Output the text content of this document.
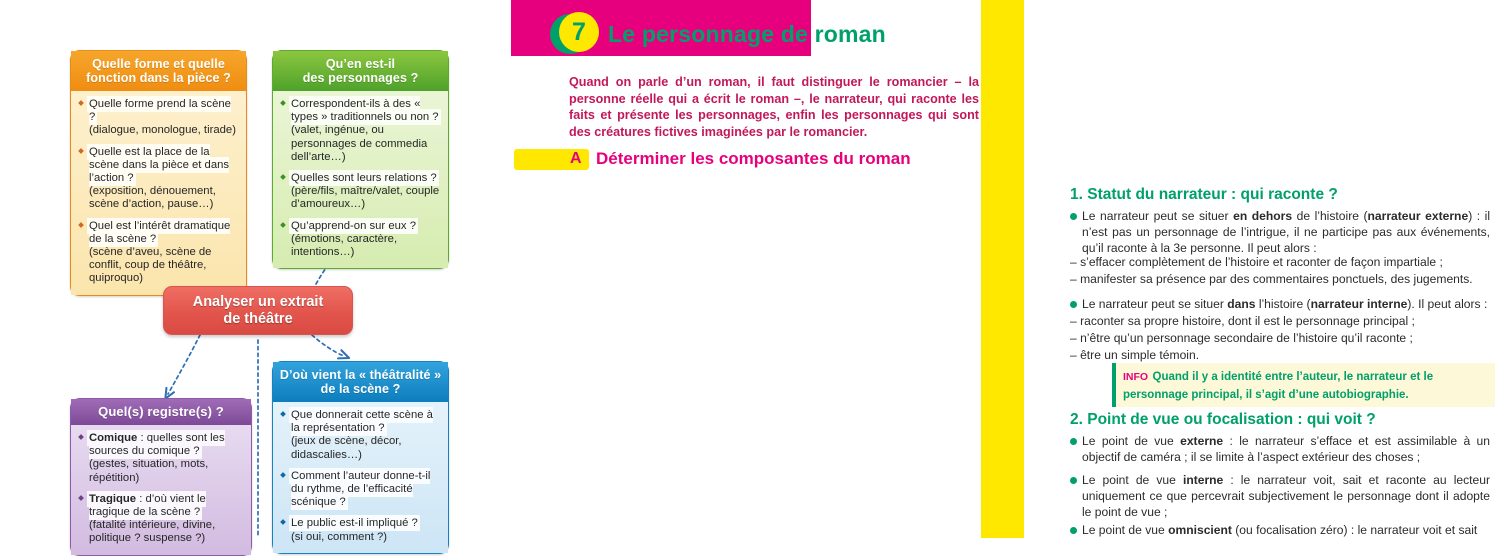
Quelle forme et quelle
fonction dans la pièce ?
Quelle forme prend la scène ?
(dialogue, monologue, tirade)
Quelle est la place de la scène dans la pièce et dans l’action ?
(exposition, dénouement, scène d’action, pause…)
Quel est l’intérêt dramatique de la scène ?
(scène d’aveu, scène de conflit, coup de théâtre, quiproquo)
Qu’en est-il
des personnages ?
Correspondent-ils à des « types » traditionnels ou non ?
(valet, ingénue, ou personnages de commedia dell’arte…)
Quelles sont leurs relations ?
(père/fils, maître/valet, couple d’amoureux…)
Qu’apprend-on sur eux ?
(émotions, caractère, intentions…)
Analyser un extrait
de théâtre
Quel(s) registre(s) ?
Comique : quelles sont les sources du comique ?
(gestes, situation, mots, répétition)
Tragique : d’où vient le tragique de la scène ?
(fatalité intérieure, divine, politique ? suspense ?)
D’où vient la « théâtralité »
de la scène ?
Que donnerait cette scène à la représentation ?
(jeux de scène, décor, didascalies…)
Comment l’auteur donne-t-il du rythme, de l’efficacité scénique ?
Le public est-il impliqué ?
(si oui, comment ?)
7 Le personnage de roman
Quand on parle d’un roman, il faut distinguer le romancier – la personne réelle qui a écrit le roman –, le narrateur, qui raconte les faits et présente les personnages, enfin les personnages qui sont des créatures fictives imaginées par le romancier.
A Déterminer les composantes du roman
1. Statut du narrateur : qui raconte ?
Le narrateur peut se situer en dehors de l’histoire (narrateur externe) : il n’est pas un personnage de l’intrigue, il ne participe pas aux événements, qu’il raconte à la 3e personne. Il peut alors :
– s’effacer complètement de l’histoire et raconter de façon impartiale ;
– manifester sa présence par des commentaires ponctuels, des jugements.
Le narrateur peut se situer dans l’histoire (narrateur interne). Il peut alors :
– raconter sa propre histoire, dont il est le personnage principal ;
– n’être qu’un personnage secondaire de l’histoire qu’il raconte ;
– être un simple témoin.
INFO Quand il y a identité entre l’auteur, le narrateur et le personnage principal, il s’agit d’une autobiographie.
2. Point de vue ou focalisation : qui voit ?
Le point de vue externe : le narrateur s’efface et est assimilable à un objectif de caméra ; il se limite à l’aspect extérieur des choses ;
Le point de vue interne : le narrateur voit, sait et raconte au lecteur uniquement ce que percevrait subjectivement le personnage dont il adopte le point de vue ;
Le point de vue omniscient (ou focalisation zéro) : le narrateur voit et sait
